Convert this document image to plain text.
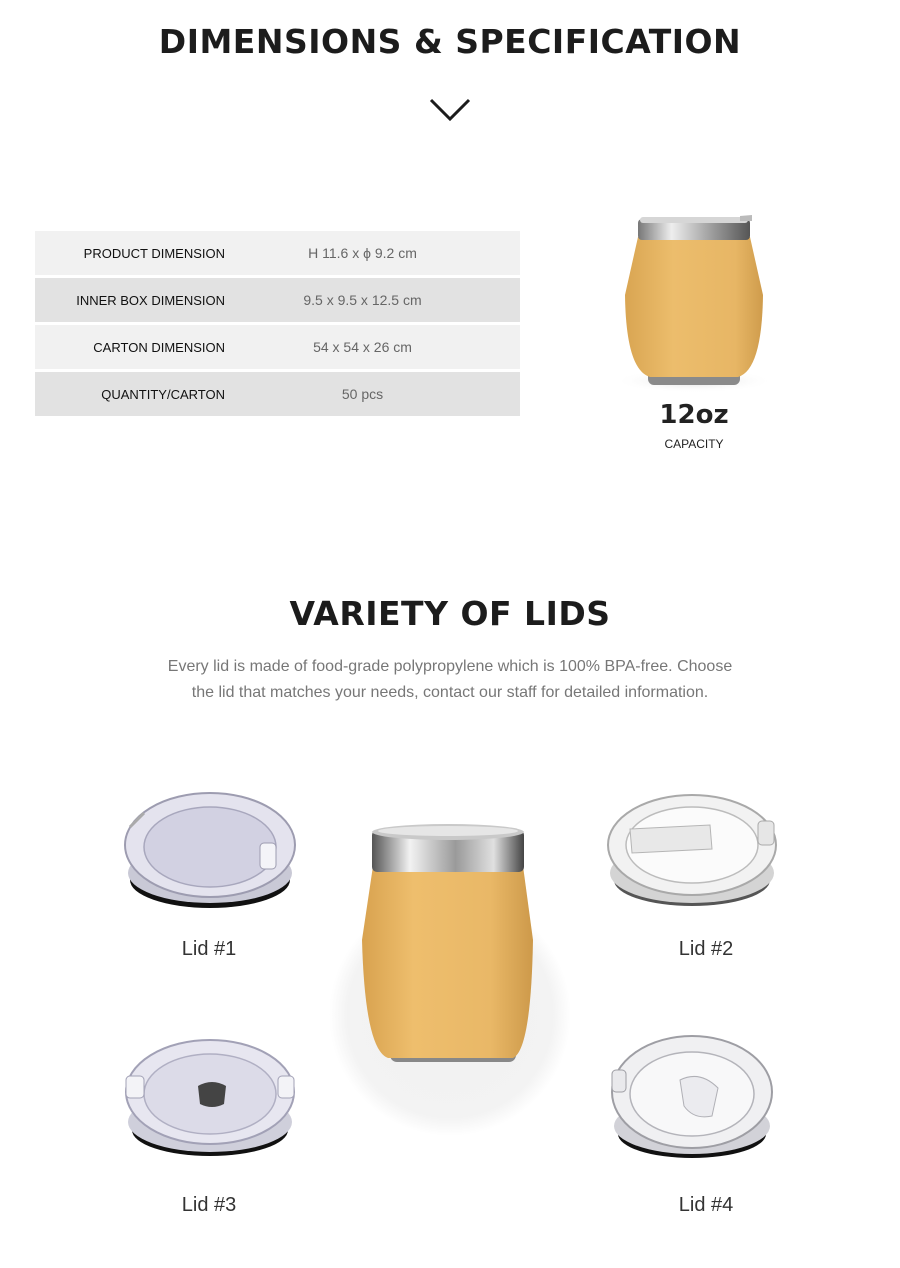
DIMENSIONS & SPECIFICATION
PRODUCT DIMENSION	H 11.6 x ϕ 9.2 cm
INNER BOX DIMENSION	9.5 x 9.5 x 12.5 cm
CARTON DIMENSION	54 x 54 x 26 cm
QUANTITY/CARTON	50 pcs
12oz
CAPACITY
VARIETY OF LIDS
Every lid is made of food-grade polypropylene which is 100% BPA-free. Choose
the lid that matches your needs, contact our staff for detailed information.
Lid #1	Lid #2
Lid #3	Lid #4
